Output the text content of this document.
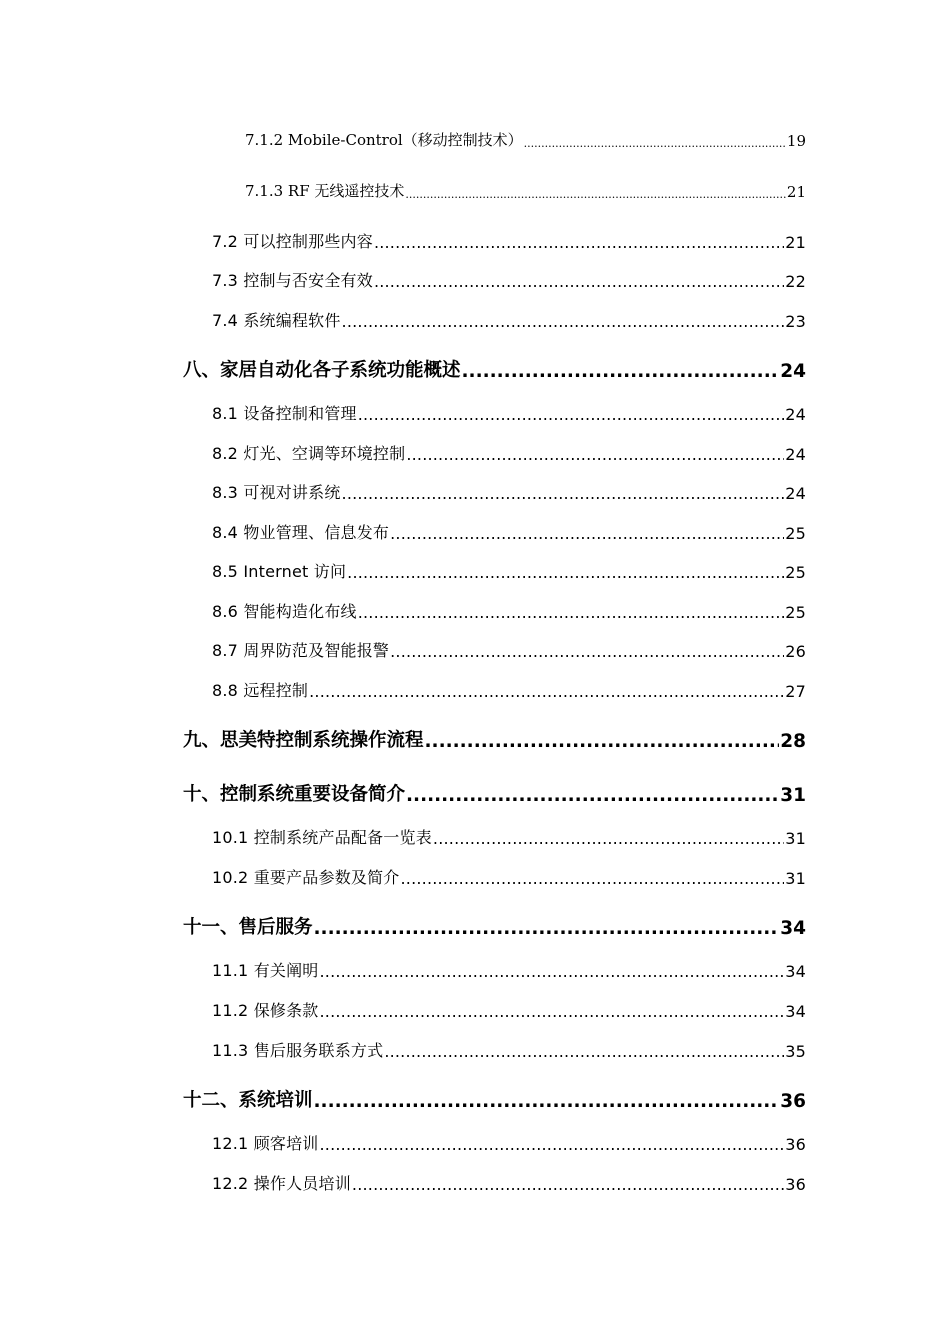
7.1.2 Mobile-Control（移动控制技术） .....	19
7.1.3 RF 无线遥控技术 .....	21
7.2 可以控制那些内容 .....	21
7.3 控制与否安全有效 .....	22
7.4 系统编程软件 .....	23
八、家居自动化各子系统功能概述 .....	24
8.1 设备控制和管理 .....	24
8.2 灯光、空调等环境控制 .....	24
8.3 可视对讲系统 .....	24
8.4 物业管理、信息发布 .....	25
8.5 Internet 访问 .....	25
8.6 智能构造化布线 .....	25
8.7 周界防范及智能报警 .....	26
8.8 远程控制 .....	27
九、思美特控制系统操作流程 .....	28
十、控制系统重要设备简介 .....	31
10.1 控制系统产品配备一览表 .....	31
10.2 重要产品参数及简介 .....	31
十一、售后服务 .....	34
11.1 有关阐明 .....	34
11.2 保修条款 .....	34
11.3 售后服务联系方式 .....	35
十二、系统培训 .....	36
12.1 顾客培训 .....	36
12.2 操作人员培训 .....	36
